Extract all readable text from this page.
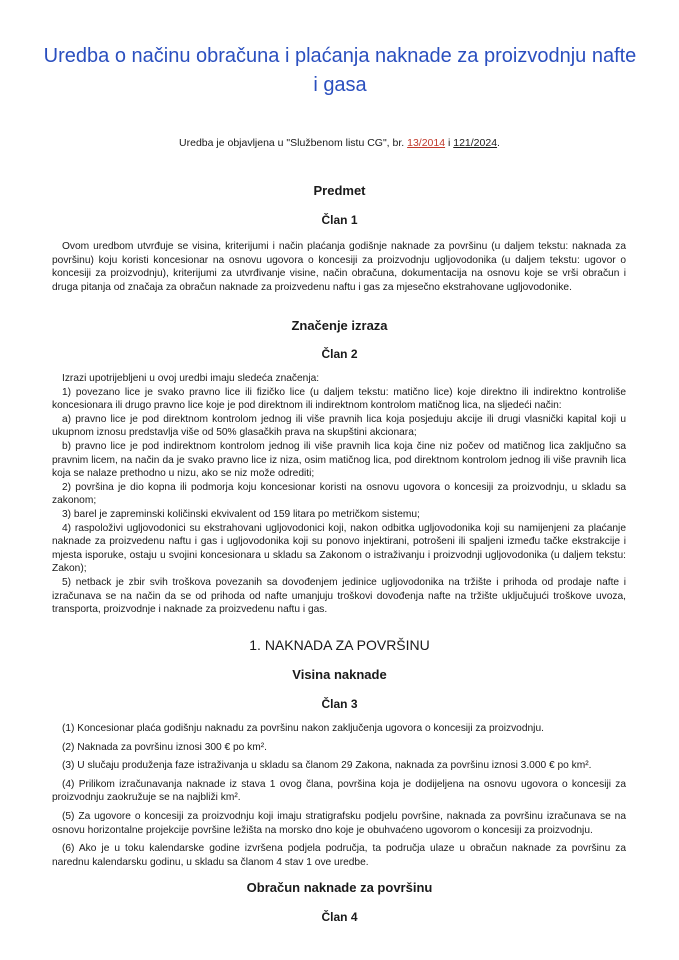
Uredba o načinu obračuna i plaćanja naknade za proizvodnju nafte i gasa
Uredba je objavljena u "Službenom listu CG", br. 13/2014 i 121/2024.
Predmet
Član 1

Ovom uredbom utvrđuje se visina, kriterijumi i način plaćanja godišnje naknade za površinu (u daljem tekstu: naknada za površinu) koju koristi koncesionar na osnovu ugovora o koncesiji za proizvodnju ugljovodonika (u daljem tekstu: ugovor o koncesiji za proizvodnju), kriterijumi za utvrđivanje visine, način obračuna, dokumentacija na osnovu koje se vrši obračun i druga pitanja od značaja za obračun naknade za proizvedenu naftu i gas za mjesečno ekstrahovane ugljovodonike.

Značenje izraza
Član 2

Izrazi upotrijebljeni u ovoj uredbi imaju sledeća značenja:

1) povezano lice je svako pravno lice ili fizičko lice (u daljem tekstu: matično lice) koje direktno ili indirektno kontroliše koncesionara ili drugo pravno lice koje je pod direktnom ili indirektnom kontrolom matičnog lica, na sljedeći način:

a) pravno lice je pod direktnom kontrolom jednog ili više pravnih lica koja posjeduju akcije ili drugi vlasnički kapital koji u ukupnom iznosu predstavlja više od 50% glasačkih prava na skupštini akcionara;

b) pravno lice je pod indirektnom kontrolom jednog ili više pravnih lica koja čine niz počev od matičnog lica zaključno sa pravnim licem, na način da je svako pravno lice iz niza, osim matičnog lica, pod direktnom kontrolom jednog ili više pravnih lica koja se nalaze prethodno u nizu, ako se niz može odrediti;

2) površina je dio kopna ili podmorja koju koncesionar koristi na osnovu ugovora o koncesiji za proizvodnju, u skladu sa zakonom;

3) barel je zapreminski količinski ekvivalent od 159 litara po metričkom sistemu;

4) raspoloživi ugljovodonici su ekstrahovani ugljovodonici koji, nakon odbitka ugljovodonika koji su namijenjeni za plaćanje naknade za proizvedenu naftu i gas i ugljovodonika koji su ponovo injektirani, potrošeni ili spaljeni između tačke ekstrakcije i mjesta isporuke, ostaju u svojini koncesionara u skladu sa Zakonom o istraživanju i proizvodnji ugljovodonika (u daljem tekstu: Zakon);

5) netback je zbir svih troškova povezanih sa dovođenjem jedinice ugljovodonika na tržište i prihoda od prodaje nafte i izračunava se na način da se od prihoda od nafte umanjuju troškovi dovođenja nafte na tržište uključujući troškove uvoza, transporta, proizvodnje i naknade za proizvedenu naftu i gas.

1. NAKNADA ZA POVRŠINU
Visina naknade
Član 3

(1) Koncesionar plaća godišnju naknadu za površinu nakon zaključenja ugovora o koncesiji za proizvodnju.

(2) Naknada za površinu iznosi 300 € po km².

(3) U slučaju produženja faze istraživanja u skladu sa članom 29 Zakona, naknada za površinu iznosi 3.000 € po km².

(4) Prilikom izračunavanja naknade iz stava 1 ovog člana, površina koja je dodijeljena na osnovu ugovora o koncesiji za proizvodnju zaokružuje se na najbliži km².

(5) Za ugovore o koncesiji za proizvodnju koji imaju stratigrafsku podjelu površine, naknada za površinu izračunava se na osnovu horizontalne projekcije površine ležišta na morsko dno koje je obuhvaćeno ugovorom o koncesiji za proizvodnju.

(6) Ako je u toku kalendarske godine izvršena podjela područja, ta područja ulaze u obračun naknade za površinu za narednu kalendarsku godinu, u skladu sa članom 4 stav 1 ove uredbe.

Obračun naknade za površinu
Član 4
